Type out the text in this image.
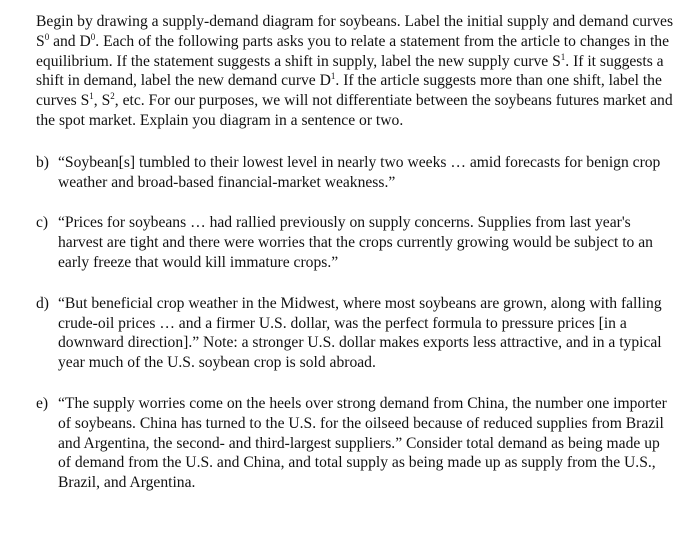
Begin by drawing a supply-demand diagram for soybeans. Label the initial supply and demand curves $S^0$ and $D^0$. Each of the following parts asks you to relate a statement from the article to changes in the equilibrium. If the statement suggests a shift in supply, label the new supply curve $S^1$. If it suggests a shift in demand, label the new demand curve $D^1$. If the article suggests more than one shift, label the curves $S^1$, $S^2$, etc. For our purposes, we will not differentiate between the soybeans futures market and the spot market. Explain you diagram in a sentence or two.

b) “Soybean[s] tumbled to their lowest level in nearly two weeks … amid forecasts for benign crop weather and broad-based financial-market weakness.”
c) “Prices for soybeans … had rallied previously on supply concerns. Supplies from last year's harvest are tight and there were worries that the crops currently growing would be subject to an early freeze that would kill immature crops.”
d) “But beneficial crop weather in the Midwest, where most soybeans are grown, along with falling crude-oil prices … and a firmer U.S. dollar, was the perfect formula to pressure prices [in a downward direction].” Note: a stronger U.S. dollar makes exports less attractive, and in a typical year much of the U.S. soybean crop is sold abroad.
e) “The supply worries come on the heels over strong demand from China, the number one importer of soybeans. China has turned to the U.S. for the oilseed because of reduced supplies from Brazil and Argentina, the second- and third-largest suppliers.” Consider total demand as being made up of demand from the U.S. and China, and total supply as being made up as supply from the U.S., Brazil, and Argentina.
